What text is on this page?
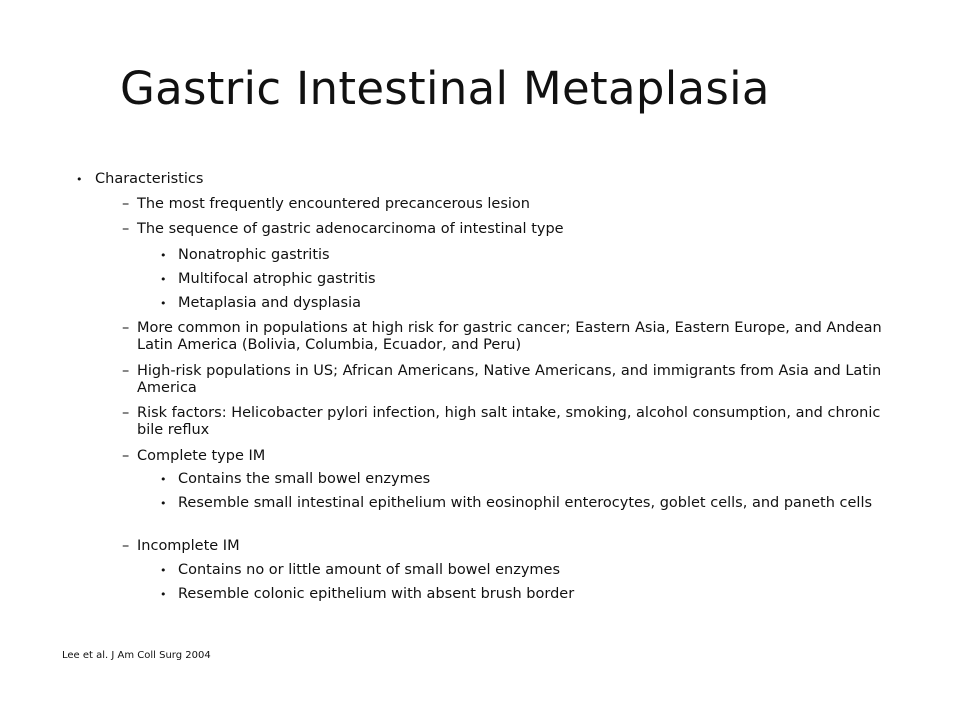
Gastric Intestinal Metaplasia
• Characteristics
– The most frequently encountered precancerous lesion
– The sequence of gastric adenocarcinoma of intestinal type
• Nonatrophic gastritis
• Multifocal atrophic gastritis
• Metaplasia and dysplasia
– More common in populations at high risk for gastric cancer; Eastern Asia, Eastern Europe, and Andean Latin America (Bolivia, Columbia, Ecuador, and Peru)
– High-risk populations in US; African Americans, Native Americans, and immigrants from Asia and Latin America
– Risk factors: Helicobacter pylori infection, high salt intake, smoking, alcohol consumption, and chronic bile reflux
– Complete type IM
• Contains the small bowel enzymes
• Resemble small intestinal epithelium with eosinophil enterocytes, goblet cells, and paneth cells
– Incomplete IM
• Contains no or little amount of small bowel enzymes
• Resemble colonic epithelium with absent brush border
Lee et al. J Am Coll Surg 2004
